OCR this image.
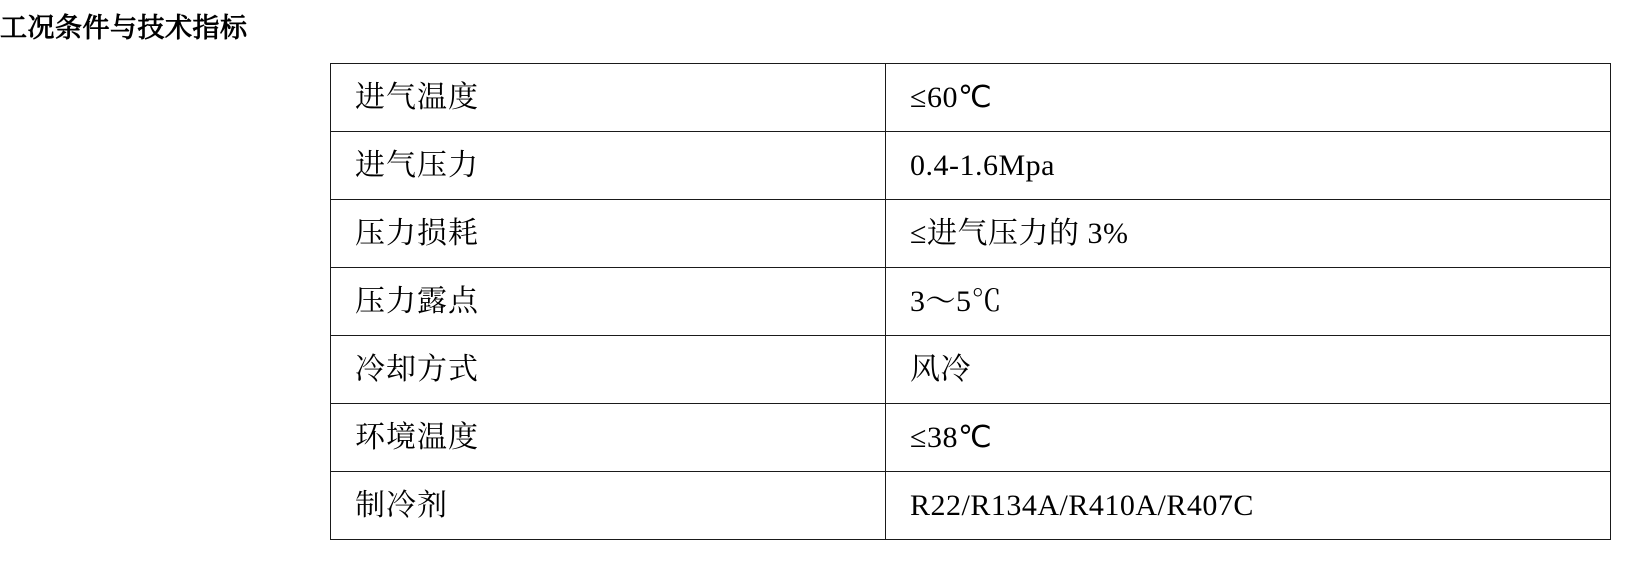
工况条件与技术指标
进气温度	≤60℃
进气压力	0.4-1.6Mpa
压力损耗	≤进气压力的 3%
压力露点	3～5℃
冷却方式	风冷
环境温度	≤38℃
制冷剂	R22/R134A/R410A/R407C
